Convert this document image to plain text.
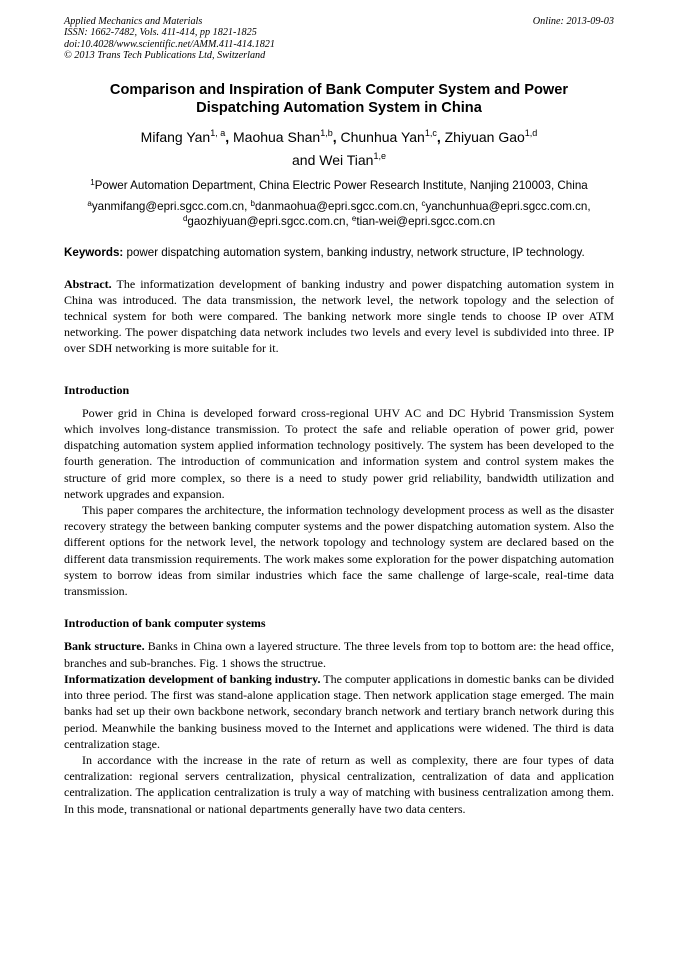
Applied Mechanics and Materials
ISSN: 1662-7482, Vols. 411-414, pp 1821-1825
doi:10.4028/www.scientific.net/AMM.411-414.1821
© 2013 Trans Tech Publications Ltd, Switzerland
Online: 2013-09-03
Comparison and Inspiration of Bank Computer System and Power
Dispatching Automation System in China
Mifang Yan$^{1, a}$, Maohua Shan$^{1,b}$, Chunhua Yan$^{1,c}$, Zhiyuan Gao$^{1,d}$
and Wei Tian$^{1,e}$
$^1$Power Automation Department, China Electric Power Research Institute, Nanjing 210003, China
$^a$yanmifang@epri.sgcc.com.cn, $^b$danmaohua@epri.sgcc.com.cn, $^c$yanchunhua@epri.sgcc.com.cn,
$^d$gaozhiyuan@epri.sgcc.com.cn, $^e$tian-wei@epri.sgcc.com.cn

Keywords: power dispatching automation system, banking industry, network structure, IP technology.

Abstract. The informatization development of banking industry and power dispatching automation system in China was introduced. The data transmission, the network level, the network topology and the selection of technical system for both were compared. The banking network more single tends to choose IP over ATM networking. The power dispatching data network includes two levels and every level is subdivided into three. IP over SDH networking is more suitable for it.

Introduction

Power grid in China is developed forward cross-regional UHV AC and DC Hybrid Transmission System which involves long-distance transmission. To protect the safe and reliable operation of power grid, power dispatching automation system applied information technology positively. The system has been developed to the fourth generation. The introduction of communication and information system and control system makes the structure of grid more complex, so there is a need to study power grid reliability, bandwidth utilization and network upgrades and expansion.

This paper compares the architecture, the information technology development process as well as the disaster recovery strategy the between banking computer systems and the power dispatching automation system. Also the different options for the network level, the network topology and technology system are declared based on the different data transmission requirements. The work makes some exploration for the power dispatching automation system to borrow ideas from similar industries which face the same challenge of large-scale, real-time data transmission.

Introduction of bank computer systems

Bank structure. Banks in China own a layered structure. The three levels from top to bottom are: the head office, branches and sub-branches. Fig. 1 shows the structrue.

Informatization development of banking industry. The computer applications in domestic banks can be divided into three period. The first was stand-alone application stage. Then network application stage emerged. The main banks had set up their own backbone network, secondary branch network and tertiary branch network during this period. Meanwhile the banking business moved to the Internet and applications were widened. The third is data centralization stage.

In accordance with the increase in the rate of return as well as complexity, there are four types of data centralization: regional servers centralization, physical centralization, centralization of data and application centralization. The application centralization is truly a way of matching with business centralization among them. In this mode, transnational or national departments generally have two data centers.
